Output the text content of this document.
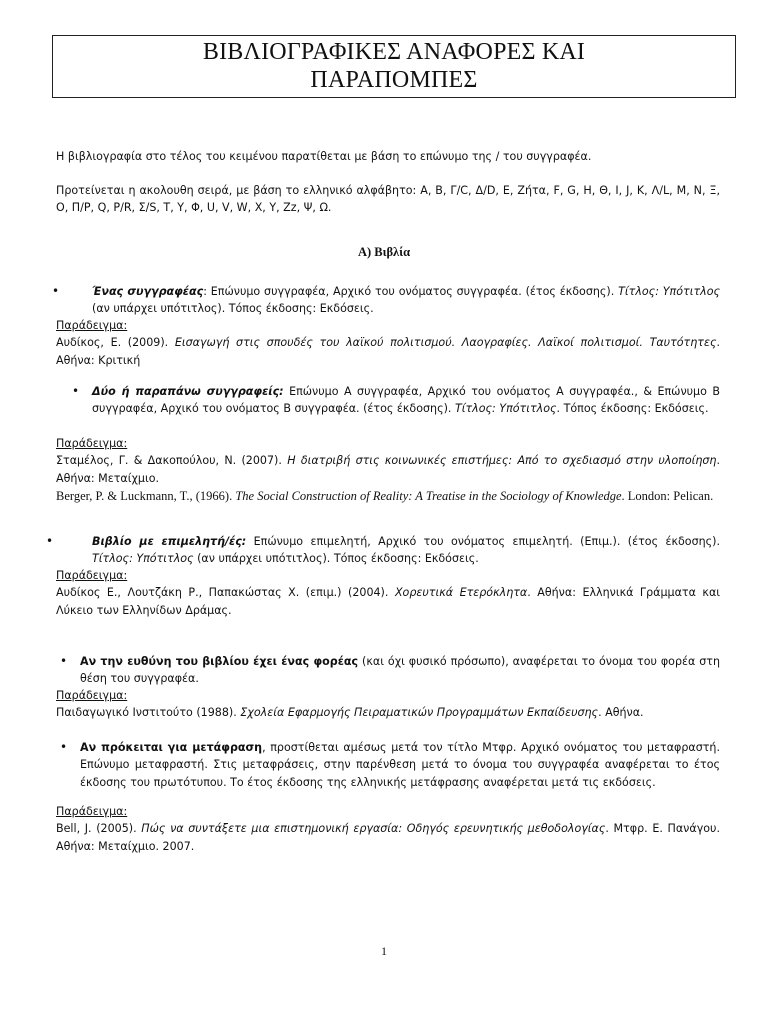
ΒΙΒΛΙΟΓΡΑΦΙΚΕΣ ΑΝΑΦΟΡΕΣ ΚΑΙ
ΠΑΡΑΠΟΜΠΕΣ
Η βιβλιογραφία στο τέλος του κειμένου παρατίθεται με βάση το επώνυμο της / του συγγραφέα.
Προτείνεται η ακολουθη σειρά, με βάση το ελληνικό αλφάβητο: Α, Β, Γ/C, Δ/D, Ε, Ζήτα, F, G, H, Θ, I, J, K, Λ/L, M, N, Ξ, O, Π/P, Q, P/R, Σ/S, T, Y, Φ, U, V, W, X, Y, Zz, Ψ, Ω.
Α) Βιβλία
•	Ένας συγγραφέας: Επώνυμο συγγραφέα, Αρχικό του ονόματος συγγραφέα. (έτος έκδοσης). Τίτλος: Υπότιτλος (αν υπάρχει υπότιτλος). Τόπος έκδοσης: Εκδόσεις.
Παράδειγμα:
Αυδίκος, Ε. (2009). Εισαγωγή στις σπουδές του λαϊκού πολιτισμού. Λαογραφίες. Λαϊκοί πολιτισμοί. Ταυτότητες. Αθήνα: Κριτική
• Δύο ή παραπάνω συγγραφείς: Επώνυμο Α συγγραφέα, Αρχικό του ονόματος Α συγγραφέα., & Επώνυμο Β συγγραφέα, Αρχικό του ονόματος Β συγγραφέα. (έτος έκδοσης). Τίτλος: Υπότιτλος. Τόπος έκδοσης: Εκδόσεις.
Παράδειγμα:
Σταμέλος, Γ. & Δακοπούλου, Ν. (2007). Η διατριβή στις κοινωνικές επιστήμες: Από το σχεδιασμό στην υλοποίηση. Αθήνα: Μεταίχμιο.
Berger, P. & Luckmann, T., (1966). The Social Construction of Reality: A Treatise in the Sociology of Knowledge. London: Pelican.
•	Βιβλίο με επιμελητή/ές: Επώνυμο επιμελητή, Αρχικό του ονόματος επιμελητή. (Επιμ.). (έτος έκδοσης). Τίτλος: Υπότιτλος (αν υπάρχει υπότιτλος). Τόπος έκδοσης: Εκδόσεις.
Παράδειγμα:
Αυδίκος Ε., Λουτζάκη Ρ., Παπακώστας Χ. (επιμ.) (2004). Χορευτικά Ετερόκλητα. Αθήνα: Ελληνικά Γράμματα και Λύκειο των Ελληνίδων Δράμας.
• Αν την ευθύνη του βιβλίου έχει ένας φορέας (και όχι φυσικό πρόσωπο), αναφέρεται το όνομα του φορέα στη θέση του συγγραφέα.
Παράδειγμα:
Παιδαγωγικό Ινστιτούτο (1988). Σχολεία Εφαρμογής Πειραματικών Προγραμμάτων Εκπαίδευσης. Αθήνα.
• Αν πρόκειται για μετάφραση, προστίθεται αμέσως μετά τον τίτλο Μτφρ. Αρχικό ονόματος του μεταφραστή. Επώνυμο μεταφραστή. Στις μεταφράσεις, στην παρένθεση μετά το όνομα του συγγραφέα αναφέρεται το έτος έκδοσης του πρωτότυπου. Το έτος έκδοσης της ελληνικής μετάφρασης αναφέρεται μετά τις εκδόσεις.
Παράδειγμα:
Bell, J. (2005). Πώς να συντάξετε μια επιστημονική εργασία: Οδηγός ερευνητικής μεθοδολογίας. Μτφρ. Ε. Πανάγου. Αθήνα: Μεταίχμιο. 2007.
1
